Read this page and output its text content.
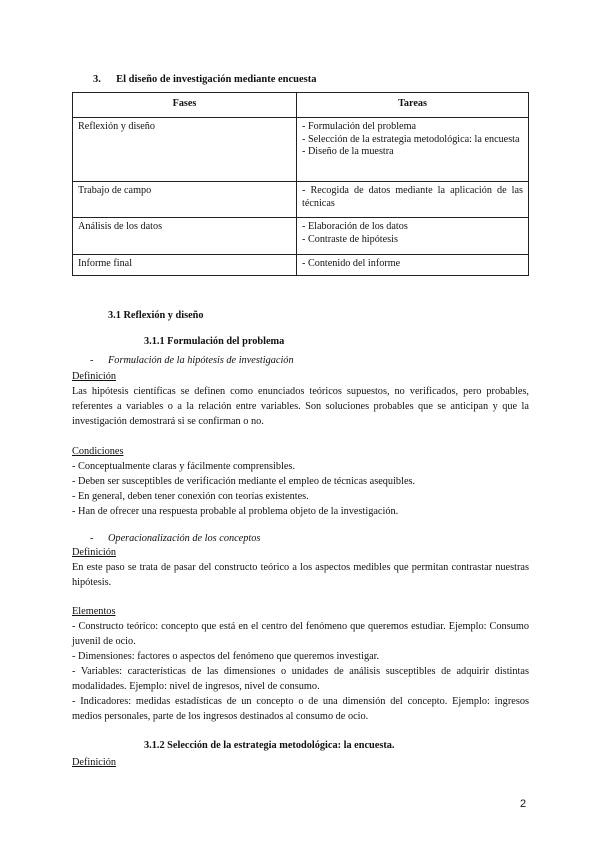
3. El diseño de investigación mediante encuesta
Fases	Tareas
Reflexión y diseño	- Formulación del problema
- Selección de la estrategia metodológica: la encuesta
- Diseño de la muestra

Trabajo de campo	- Recogida de datos mediante la aplicación de las técnicas

Análisis de los datos	- Elaboración de los datos
- Contraste de hipótesis

Informe final	- Contenido del informe
3.1 Reflexión y diseño
3.1.1 Formulación del problema
- Formulación de la hipótesis de investigación
Definición
Las hipótesis científicas se definen como enunciados teóricos supuestos, no verificados, pero probables, referentes a variables o a la relación entre variables. Son soluciones probables que se anticipan y que la investigación demostrará si se confirman o no.
Condiciones
- Conceptualmente claras y fácilmente comprensibles.
- Deben ser susceptibles de verificación mediante el empleo de técnicas asequibles.
- En general, deben tener conexión con teorías existentes.
- Han de ofrecer una respuesta probable al problema objeto de la investigación.
- Operacionalización de los conceptos
Definición
En este paso se trata de pasar del constructo teórico a los aspectos medibles que permitan contrastar nuestras hipótesis.
Elementos
- Constructo teórico: concepto que está en el centro del fenómeno que queremos estudiar. Ejemplo: Consumo juvenil de ocio.
- Dimensiones: factores o aspectos del fenómeno que queremos investigar.
- Variables: características de las dimensiones o unidades de análisis susceptibles de adquirir distintas modalidades. Ejemplo: nivel de ingresos, nivel de consumo.
- Indicadores: medidas estadísticas de un concepto o de una dimensión del concepto. Ejemplo: ingresos medios personales, parte de los ingresos destinados al consumo de ocio.
3.1.2 Selección de la estrategia metodológica: la encuesta.
Definición
2
